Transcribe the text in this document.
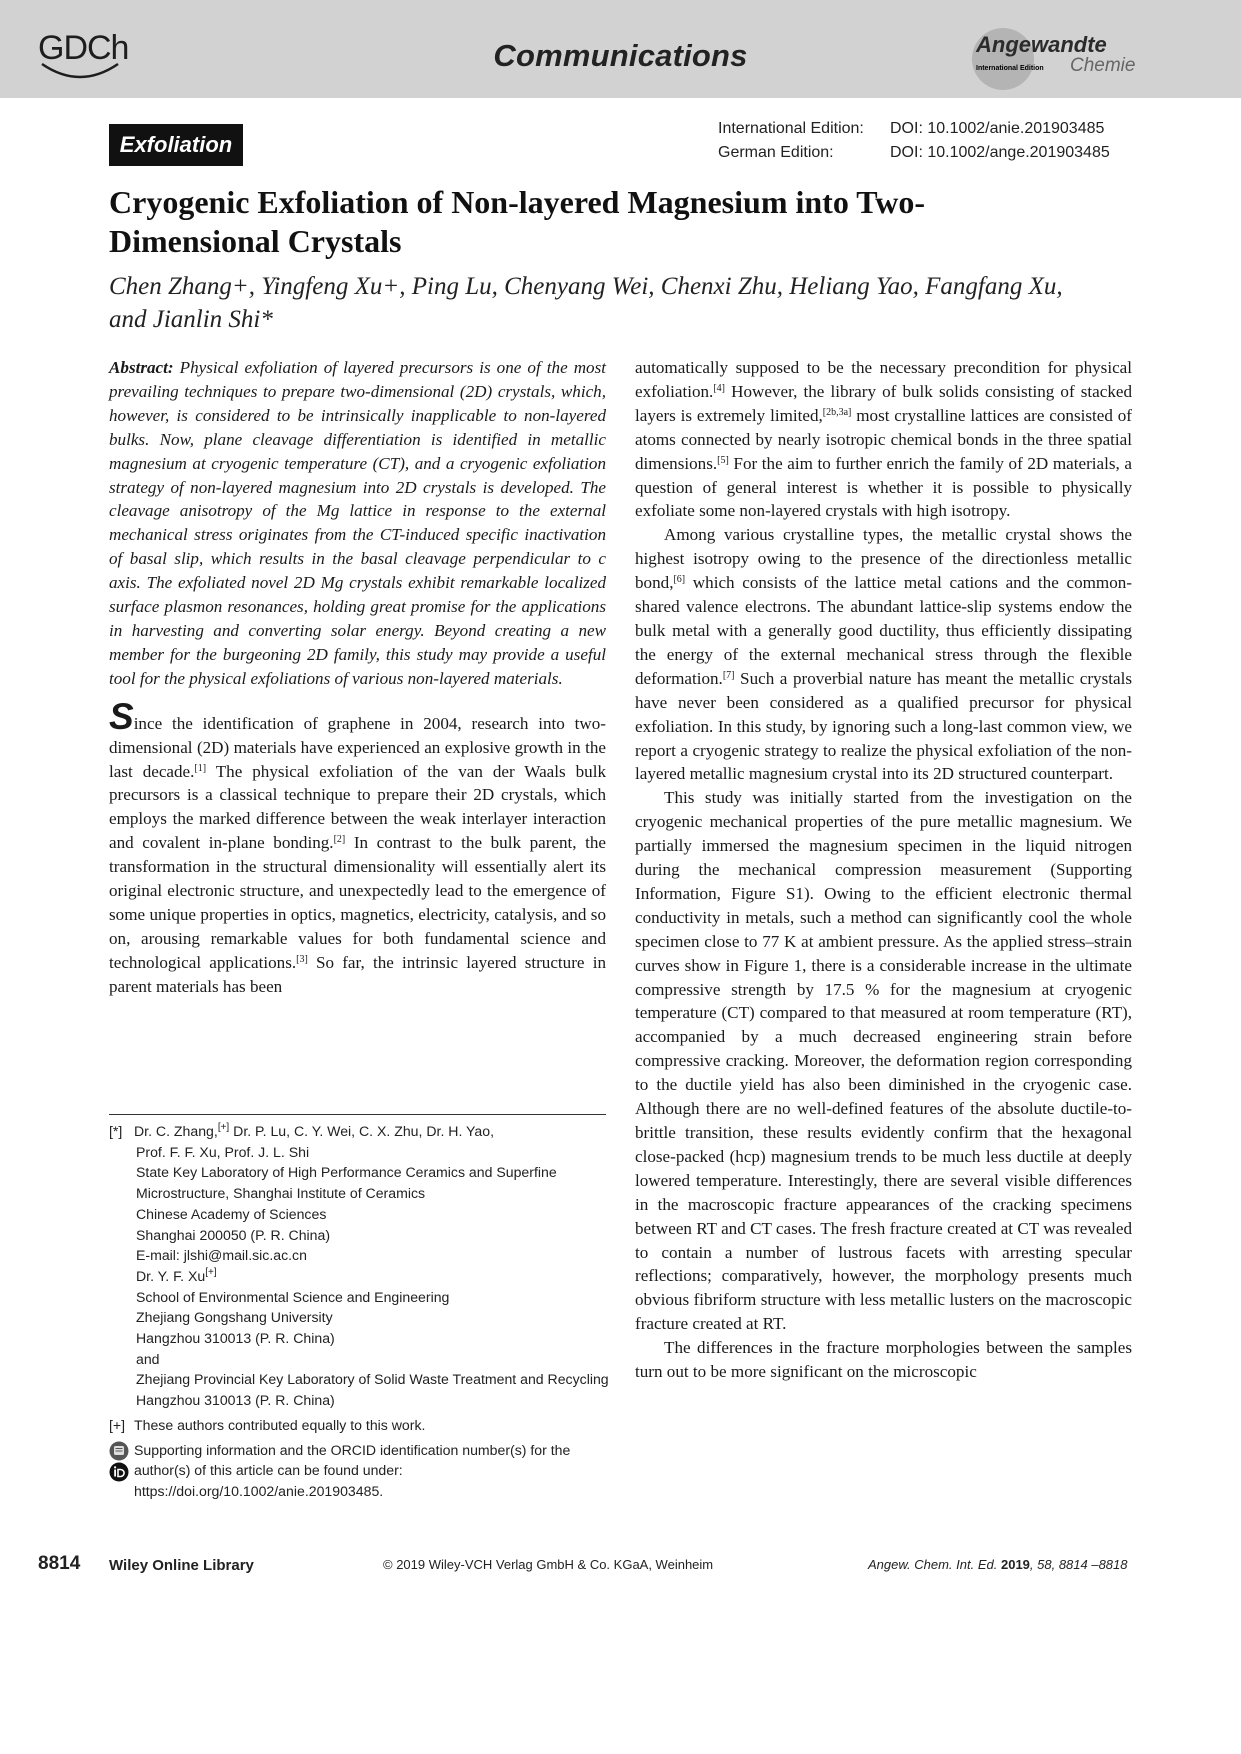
GDCh	Communications	Angewandte
International Edition Chemie
Exfoliation
International Edition: DOI: 10.1002/anie.201903485
German Edition:	DOI: 10.1002/ange.201903485
Cryogenic Exfoliation of Non-layered Magnesium into Two-
Dimensional Crystals
Chen Zhang+, Yingfeng Xu+, Ping Lu, Chenyang Wei, Chenxi Zhu, Heliang Yao, Fangfang Xu,
and Jianlin Shi*

Abstract: Physical exfoliation of layered precursors is one of the most prevailing techniques to prepare two-dimensional (2D) crystals, which, however, is considered to be intrinsically inapplicable to non-layered bulks. Now, plane cleavage differentiation is identified in metallic magnesium at cryogenic temperature (CT), and a cryogenic exfoliation strategy of non-layered magnesium into 2D crystals is developed. The cleavage anisotropy of the Mg lattice in response to the external mechanical stress originates from the CT-induced specific inactivation of basal slip, which results in the basal cleavage perpendicular to c axis. The exfoliated novel 2D Mg crystals exhibit remarkable localized surface plasmon resonances, holding great promise for the applications in harvesting and converting solar energy. Beyond creating a new member for the burgeoning 2D family, this study may provide a useful tool for the physical exfoliations of various non-layered materials.

Since the identification of graphene in 2004, research into two-dimensional (2D) materials have experienced an explosive growth in the last decade.[1] The physical exfoliation of the van der Waals bulk precursors is a classical technique to prepare their 2D crystals, which employs the marked difference between the weak interlayer interaction and covalent in-plane bonding.[2] In contrast to the bulk parent, the transformation in the structural dimensionality will essentially alert its original electronic structure, and unexpectedly lead to the emergence of some unique properties in optics, magnetics, electricity, catalysis, and so on, arousing remarkable values for both fundamental science and technological applications.[3] So far, the intrinsic layered structure in parent materials has been

automatically supposed to be the necessary precondition for physical exfoliation.[4] However, the library of bulk solids consisting of stacked layers is extremely limited,[2b,3a] most crystalline lattices are consisted of atoms connected by nearly isotropic chemical bonds in the three spatial dimensions.[5] For the aim to further enrich the family of 2D materials, a question of general interest is whether it is possible to physically exfoliate some non-layered crystals with high isotropy.

Among various crystalline types, the metallic crystal shows the highest isotropy owing to the presence of the directionless metallic bond,[6] which consists of the lattice metal cations and the common-shared valence electrons. The abundant lattice-slip systems endow the bulk metal with a generally good ductility, thus efficiently dissipating the energy of the external mechanical stress through the flexible deformation.[7] Such a proverbial nature has meant the metallic crystals have never been considered as a qualified precursor for physical exfoliation. In this study, by ignoring such a long-last common view, we report a cryogenic strategy to realize the physical exfoliation of the non-layered metallic magnesium crystal into its 2D structured counterpart.

This study was initially started from the investigation on the cryogenic mechanical properties of the pure metallic magnesium. We partially immersed the magnesium specimen in the liquid nitrogen during the mechanical compression measurement (Supporting Information, Figure S1). Owing to the efficient electronic thermal conductivity in metals, such a method can significantly cool the whole specimen close to 77 K at ambient pressure. As the applied stress–strain curves show in Figure 1, there is a considerable increase in the ultimate compressive strength by 17.5 % for the magnesium at cryogenic temperature (CT) compared to that measured at room temperature (RT), accompanied by a much decreased engineering strain before compressive cracking. Moreover, the deformation region corresponding to the ductile yield has also been diminished in the cryogenic case. Although there are no well-defined features of the absolute ductile-to-brittle transition, these results evidently confirm that the hexagonal close-packed (hcp) magnesium trends to be much less ductile at deeply lowered temperature. Interestingly, there are several visible differences in the macroscopic fracture appearances of the cracking specimens between RT and CT cases. The fresh fracture created at CT was revealed to contain a number of lustrous facets with arresting specular reflections; comparatively, however, the morphology presents much obvious fibriform structure with less metallic lusters on the macroscopic fracture created at RT.

The differences in the fracture morphologies between the samples turn out to be more significant on the microscopic

[*] Dr. C. Zhang,[+] Dr. P. Lu, C. Y. Wei, C. X. Zhu, Dr. H. Yao,
Prof. F. F. Xu, Prof. J. L. Shi
State Key Laboratory of High Performance Ceramics and Superfine Microstructure, Shanghai Institute of Ceramics
Chinese Academy of Sciences
Shanghai 200050 (P. R. China)
E-mail: jlshi@mail.sic.ac.cn
Dr. Y. F. Xu[+]
School of Environmental Science and Engineering
Zhejiang Gongshang University
Hangzhou 310013 (P. R. China)
and
Zhejiang Provincial Key Laboratory of Solid Waste Treatment and Recycling
Hangzhou 310013 (P. R. China)
[+] These authors contributed equally to this work.
Supporting information and the ORCID identification number(s) for the author(s) of this article can be found under:
https://doi.org/10.1002/anie.201903485.
8814 Wiley Online Library	© 2019 Wiley-VCH Verlag GmbH & Co. KGaA, Weinheim	Angew. Chem. Int. Ed. 2019, 58, 8814 –8818
